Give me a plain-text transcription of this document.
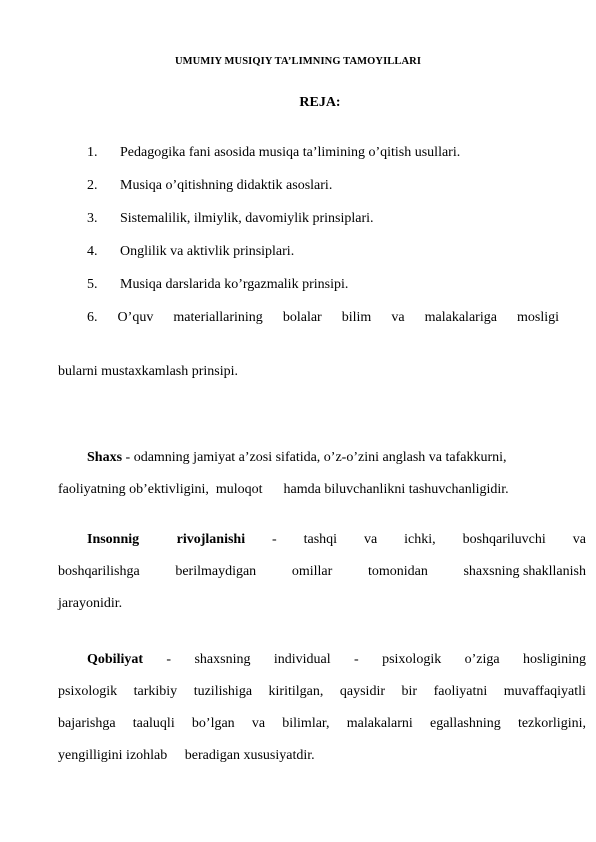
UMUMIY MUSIQIY TA’LIMNING TAMOYILLARI
REJA:
1. Pedagogika fani asosida musiqa ta’limining o’qitish usullari.
2. Musiqa o’qitishning didaktik asoslari.
3. Sistemalilik, ilmiylik, davomiylik prinsiplari.
4. Onglilik va aktivlik prinsiplari.
5. Musiqa darslarida ko’rgazmalik prinsipi.
6. O’quv materiallarining bolalar bilim va malakalariga mosligi
bularni mustaxkamlash prinsipi.
Shaxs - odamning jamiyat a’zosi sifatida, o’z-o’zini anglash va tafakkurni,
faoliyatning ob’ektivligini,  muloqot      hamda biluvchanlikni tashuvchanligidir.
Insonnig rivojlanishi - tashqi va ichki, boshqariluvchi va
boshqarilishga	berilmaydigan	omillar	tomonidan	shaxsning shakllanish
jarayonidir.
Qobiliyat - shaxsning individual - psixologik o’ziga hosligining
psixologik tarkibiy tuzilishiga kiritilgan, qaysidir bir faoliyatni muvaffaqiyatli
bajarishga taaluqli bo’lgan va bilimlar, malakalarni egallashning tezkorligini,
yengilligini izohlab     beradigan xususiyatdir.
